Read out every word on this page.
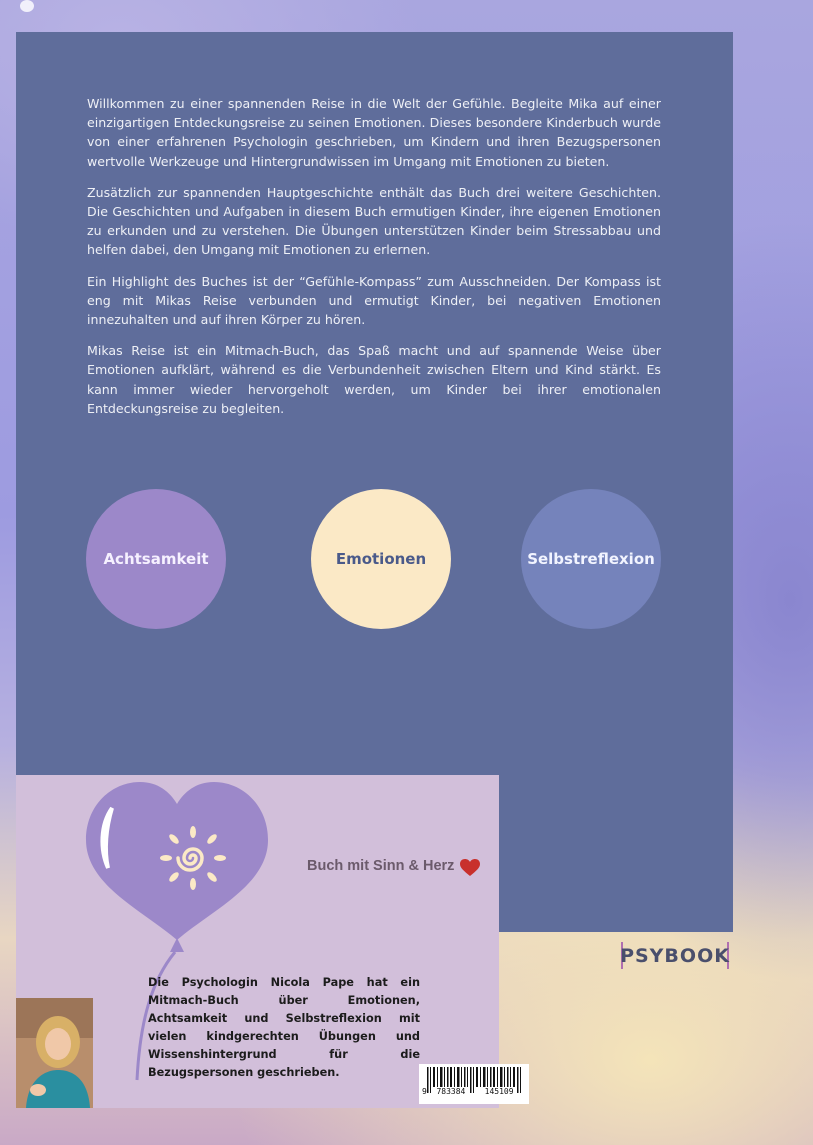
Willkommen zu einer spannenden Reise in die Welt der Gefühle. Begleite Mika auf einer einzigartigen Entdeckungsreise zu seinen Emotionen. Dieses besondere Kinderbuch wurde von einer erfahrenen Psychologin geschrieben, um Kindern und ihren Bezugspersonen wertvolle Werkzeuge und Hintergrundwissen im Umgang mit Emotionen zu bieten.

Zusätzlich zur spannenden Hauptgeschichte enthält das Buch drei weitere Geschichten. Die Geschichten und Aufgaben in diesem Buch ermutigen Kinder, ihre eigenen Emotionen zu erkunden und zu verstehen. Die Übungen unterstützen Kinder beim Stressabbau und helfen dabei, den Umgang mit Emotionen zu erlernen.

Ein Highlight des Buches ist der “Gefühle-Kompass” zum Ausschneiden. Der Kompass ist eng mit Mikas Reise verbunden und ermutigt Kinder, bei negativen Emotionen innezuhalten und auf ihren Körper zu hören.

Mikas Reise ist ein Mitmach-Buch, das Spaß macht und auf spannende Weise über Emotionen aufklärt, während es die Verbundenheit zwischen Eltern und Kind stärkt. Es kann immer wieder hervorgeholt werden, um Kinder bei ihrer emotionalen Entdeckungsreise zu begleiten.

Achtsamkeit	Emotionen	Selbstreflexion
Buch mit Sinn & Herz

Die Psychologin Nicola Pape hat ein Mitmach-Buch über Emotionen, Achtsamkeit und Selbstreflexion mit vielen kindgerechten Übungen und Wissenshintergrund für die Bezugspersonen geschrieben.

9 783384 145109
PSYBOOK
